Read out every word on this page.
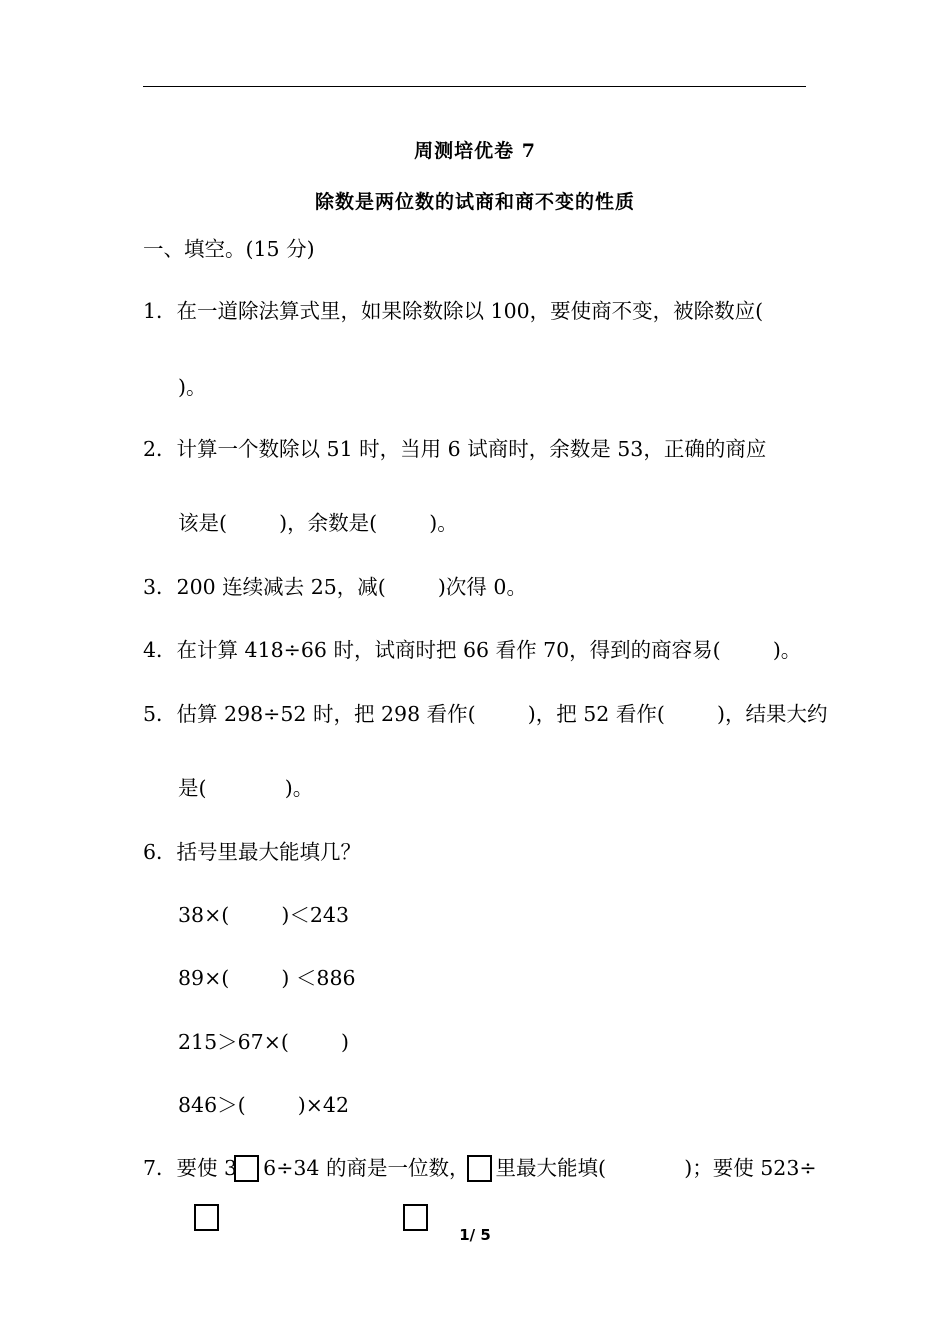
周测培优卷 7
除数是两位数的试商和商不变的性质
一、填空。(15 分)
1．在一道除法算式里，如果除数除以 100，要使商不变，被除数应(
)。
2．计算一个数除以 51 时，当用 6 试商时，余数是 53，正确的商应
该是(        )，余数是(        )。
3．200 连续减去 25，减(        )次得 0。
4．在计算 418÷66 时，试商时把 66 看作 70，得到的商容易(        )。
5．估算 298÷52 时，把 298 看作(        )，把 52 看作(        )，结果大约
是(            )。
6．括号里最大能填几？
38×(        )＜243
89×(        ) ＜886
215＞67×(        )
846＞(        )×42
7．要使 3    6÷34 的商是一位数，    里最大能填(            )；要使 523÷
1/ 5
